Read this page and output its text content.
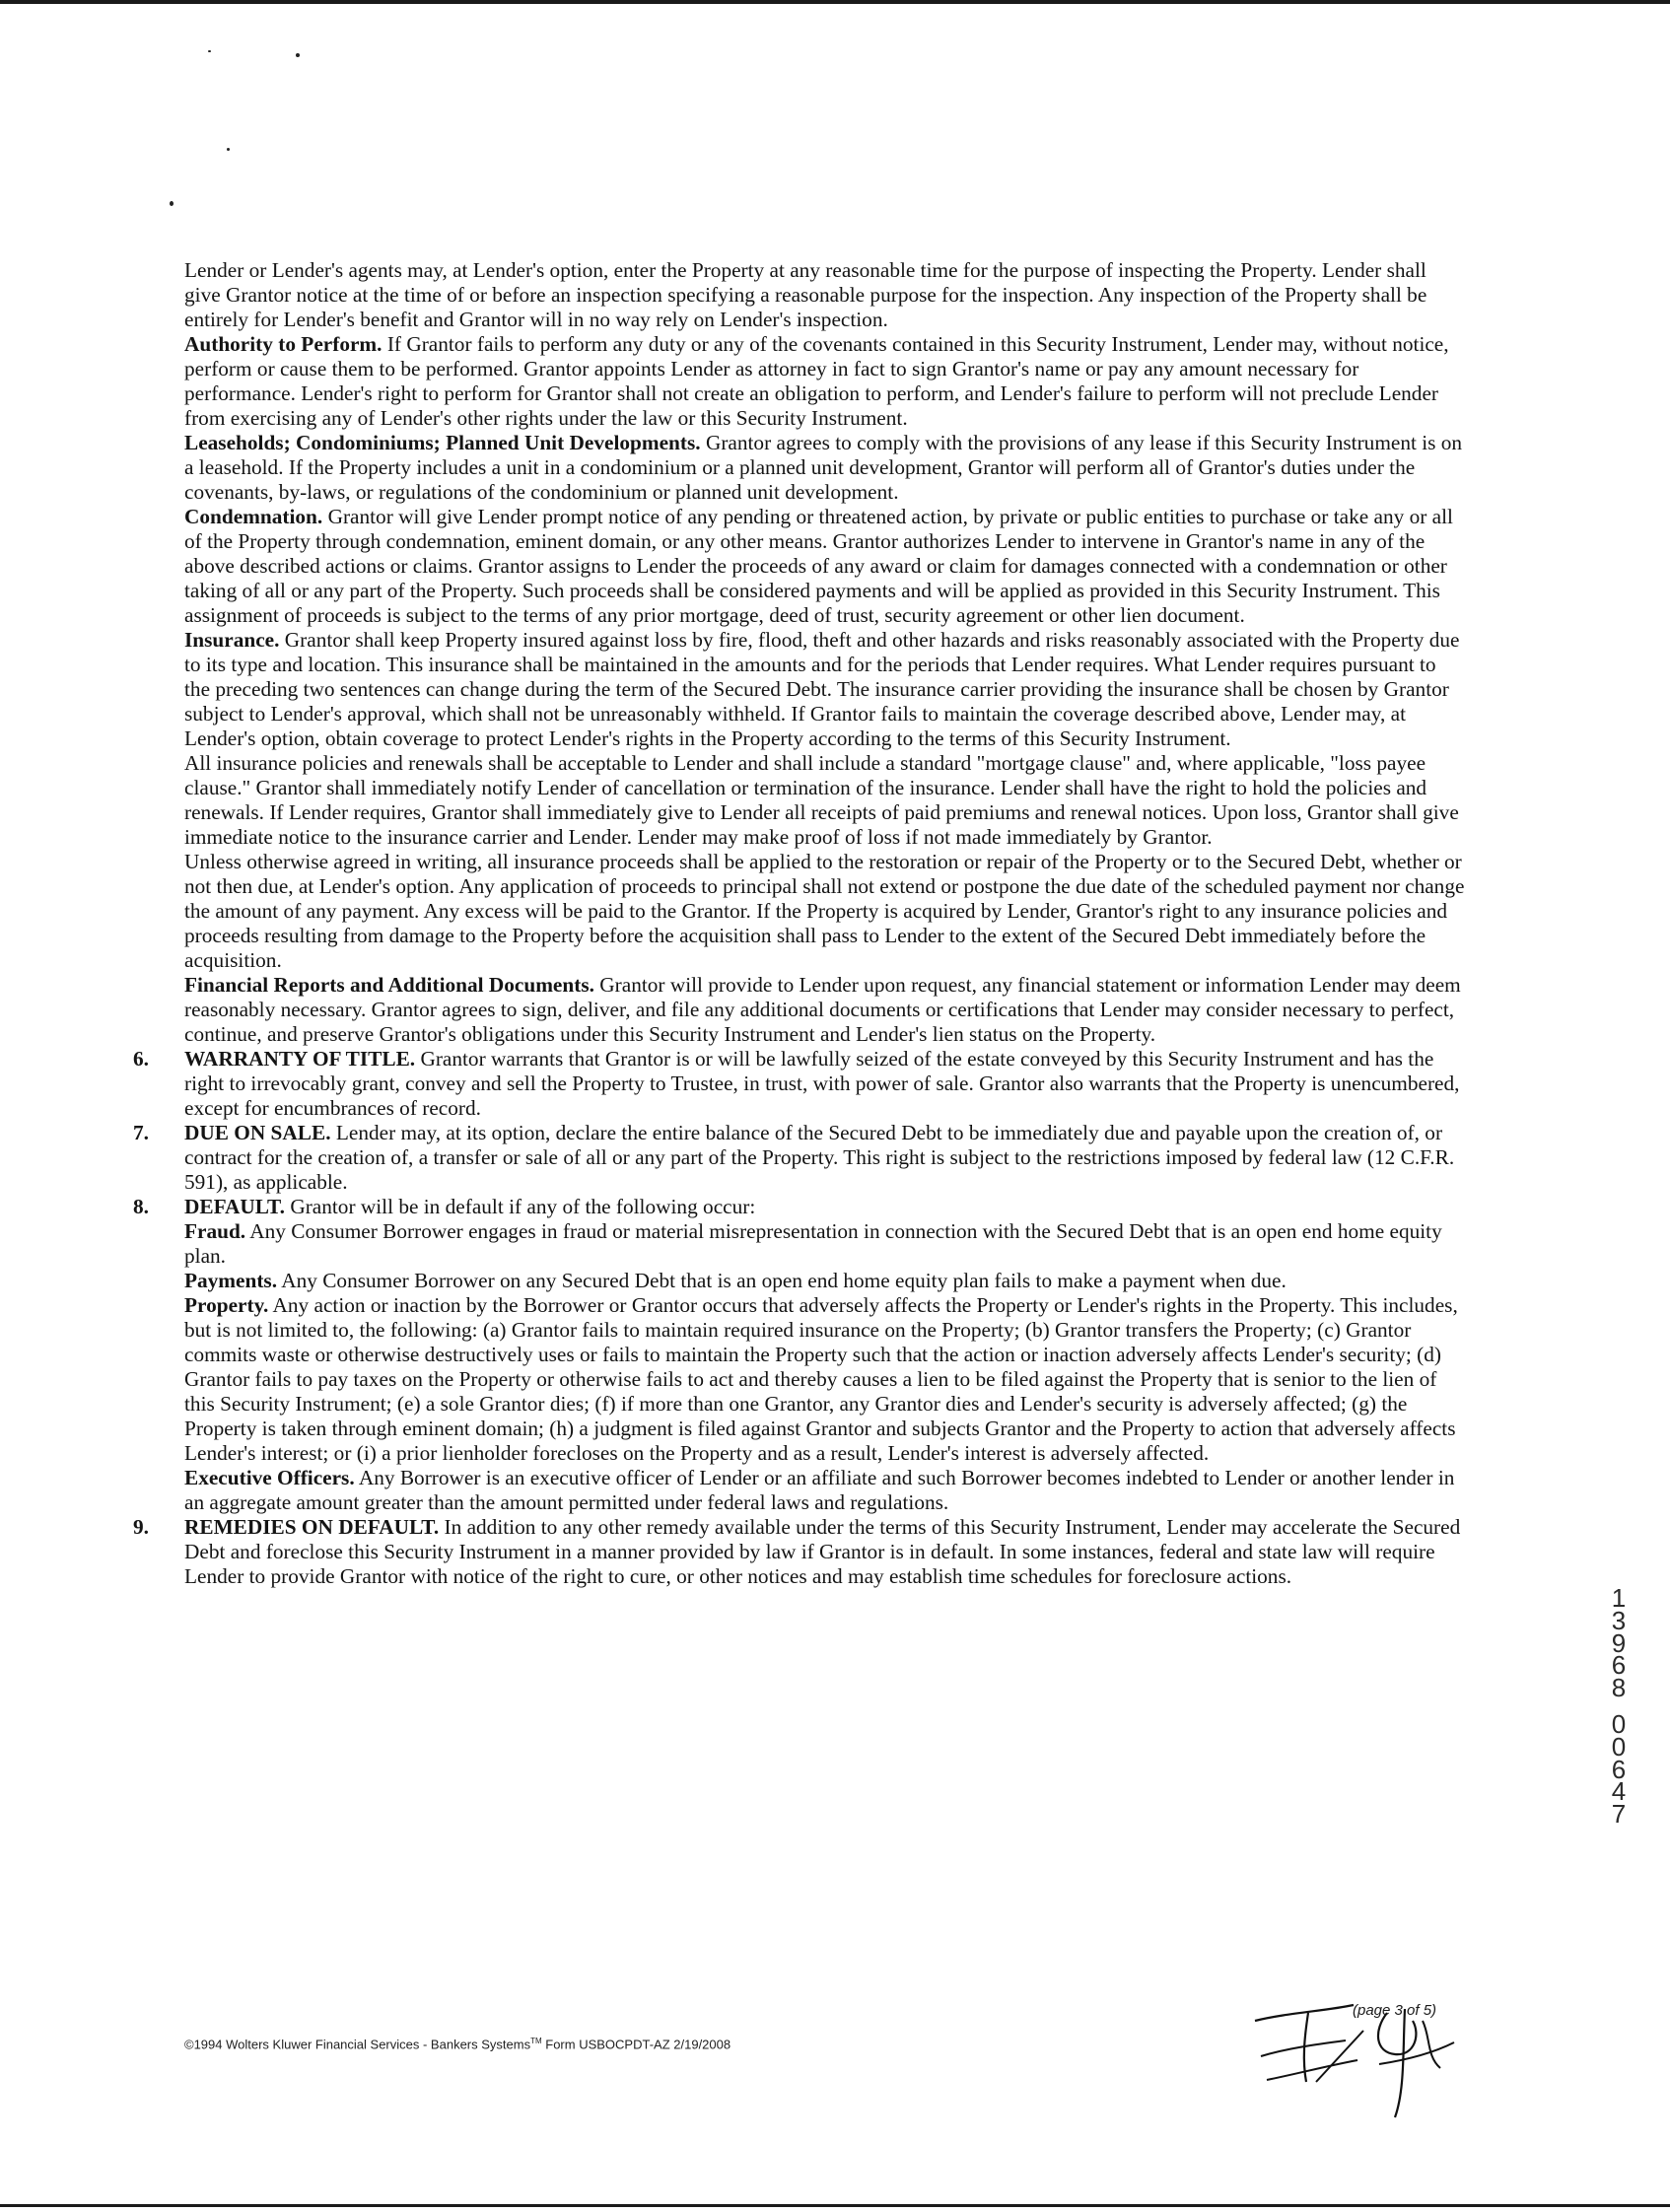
Lender or Lender's agents may, at Lender's option, enter the Property at any reasonable time for the purpose of inspecting the Property. Lender shall give Grantor notice at the time of or before an inspection specifying a reasonable purpose for the inspection. Any inspection of the Property shall be entirely for Lender's benefit and Grantor will in no way rely on Lender's inspection.

Authority to Perform. If Grantor fails to perform any duty or any of the covenants contained in this Security Instrument, Lender may, without notice, perform or cause them to be performed. Grantor appoints Lender as attorney in fact to sign Grantor's name or pay any amount necessary for performance. Lender's right to perform for Grantor shall not create an obligation to perform, and Lender's failure to perform will not preclude Lender from exercising any of Lender's other rights under the law or this Security Instrument.

Leaseholds; Condominiums; Planned Unit Developments. Grantor agrees to comply with the provisions of any lease if this Security Instrument is on a leasehold. If the Property includes a unit in a condominium or a planned unit development, Grantor will perform all of Grantor's duties under the covenants, by-laws, or regulations of the condominium or planned unit development.

Condemnation. Grantor will give Lender prompt notice of any pending or threatened action, by private or public entities to purchase or take any or all of the Property through condemnation, eminent domain, or any other means. Grantor authorizes Lender to intervene in Grantor's name in any of the above described actions or claims. Grantor assigns to Lender the proceeds of any award or claim for damages connected with a condemnation or other taking of all or any part of the Property. Such proceeds shall be considered payments and will be applied as provided in this Security Instrument. This assignment of proceeds is subject to the terms of any prior mortgage, deed of trust, security agreement or other lien document.

Insurance. Grantor shall keep Property insured against loss by fire, flood, theft and other hazards and risks reasonably associated with the Property due to its type and location. This insurance shall be maintained in the amounts and for the periods that Lender requires. What Lender requires pursuant to the preceding two sentences can change during the term of the Secured Debt. The insurance carrier providing the insurance shall be chosen by Grantor subject to Lender's approval, which shall not be unreasonably withheld. If Grantor fails to maintain the coverage described above, Lender may, at Lender's option, obtain coverage to protect Lender's rights in the Property according to the terms of this Security Instrument.

All insurance policies and renewals shall be acceptable to Lender and shall include a standard "mortgage clause" and, where applicable, "loss payee clause." Grantor shall immediately notify Lender of cancellation or termination of the insurance. Lender shall have the right to hold the policies and renewals. If Lender requires, Grantor shall immediately give to Lender all receipts of paid premiums and renewal notices. Upon loss, Grantor shall give immediate notice to the insurance carrier and Lender. Lender may make proof of loss if not made immediately by Grantor.

Unless otherwise agreed in writing, all insurance proceeds shall be applied to the restoration or repair of the Property or to the Secured Debt, whether or not then due, at Lender's option. Any application of proceeds to principal shall not extend or postpone the due date of the scheduled payment nor change the amount of any payment. Any excess will be paid to the Grantor. If the Property is acquired by Lender, Grantor's right to any insurance policies and proceeds resulting from damage to the Property before the acquisition shall pass to Lender to the extent of the Secured Debt immediately before the acquisition.

Financial Reports and Additional Documents. Grantor will provide to Lender upon request, any financial statement or information Lender may deem reasonably necessary. Grantor agrees to sign, deliver, and file any additional documents or certifications that Lender may consider necessary to perfect, continue, and preserve Grantor's obligations under this Security Instrument and Lender's lien status on the Property.

6. WARRANTY OF TITLE. Grantor warrants that Grantor is or will be lawfully seized of the estate conveyed by this Security Instrument and has the right to irrevocably grant, convey and sell the Property to Trustee, in trust, with power of sale. Grantor also warrants that the Property is unencumbered, except for encumbrances of record.
7. DUE ON SALE. Lender may, at its option, declare the entire balance of the Secured Debt to be immediately due and payable upon the creation of, or contract for the creation of, a transfer or sale of all or any part of the Property. This right is subject to the restrictions imposed by federal law (12 C.F.R. 591), as applicable.
8. DEFAULT. Grantor will be in default if any of the following occur:

Fraud. Any Consumer Borrower engages in fraud or material misrepresentation in connection with the Secured Debt that is an open end home equity plan.

Payments. Any Consumer Borrower on any Secured Debt that is an open end home equity plan fails to make a payment when due.

Property. Any action or inaction by the Borrower or Grantor occurs that adversely affects the Property or Lender's rights in the Property. This includes, but is not limited to, the following: (a) Grantor fails to maintain required insurance on the Property; (b) Grantor transfers the Property; (c) Grantor commits waste or otherwise destructively uses or fails to maintain the Property such that the action or inaction adversely affects Lender's security; (d) Grantor fails to pay taxes on the Property or otherwise fails to act and thereby causes a lien to be filed against the Property that is senior to the lien of this Security Instrument; (e) a sole Grantor dies; (f) if more than one Grantor, any Grantor dies and Lender's security is adversely affected; (g) the Property is taken through eminent domain; (h) a judgment is filed against Grantor and subjects Grantor and the Property to action that adversely affects Lender's interest; or (i) a prior lienholder forecloses on the Property and as a result, Lender's interest is adversely affected.

Executive Officers. Any Borrower is an executive officer of Lender or an affiliate and such Borrower becomes indebted to Lender or another lender in an aggregate amount greater than the amount permitted under federal laws and regulations.

9. REMEDIES ON DEFAULT. In addition to any other remedy available under the terms of this Security Instrument, Lender may accelerate the Secured Debt and foreclose this Security Instrument in a manner provided by law if Grantor is in default. In some instances, federal and state law will require Lender to provide Grantor with notice of the right to cure, or other notices and may establish time schedules for foreclosure actions.
1
3
9
6
8
0
0
6
4
7
©1994 Wolters Kluwer Financial Services - Bankers Systems™ Form USBOCPDT-AZ 2/19/2008
(page 3 of 5)
